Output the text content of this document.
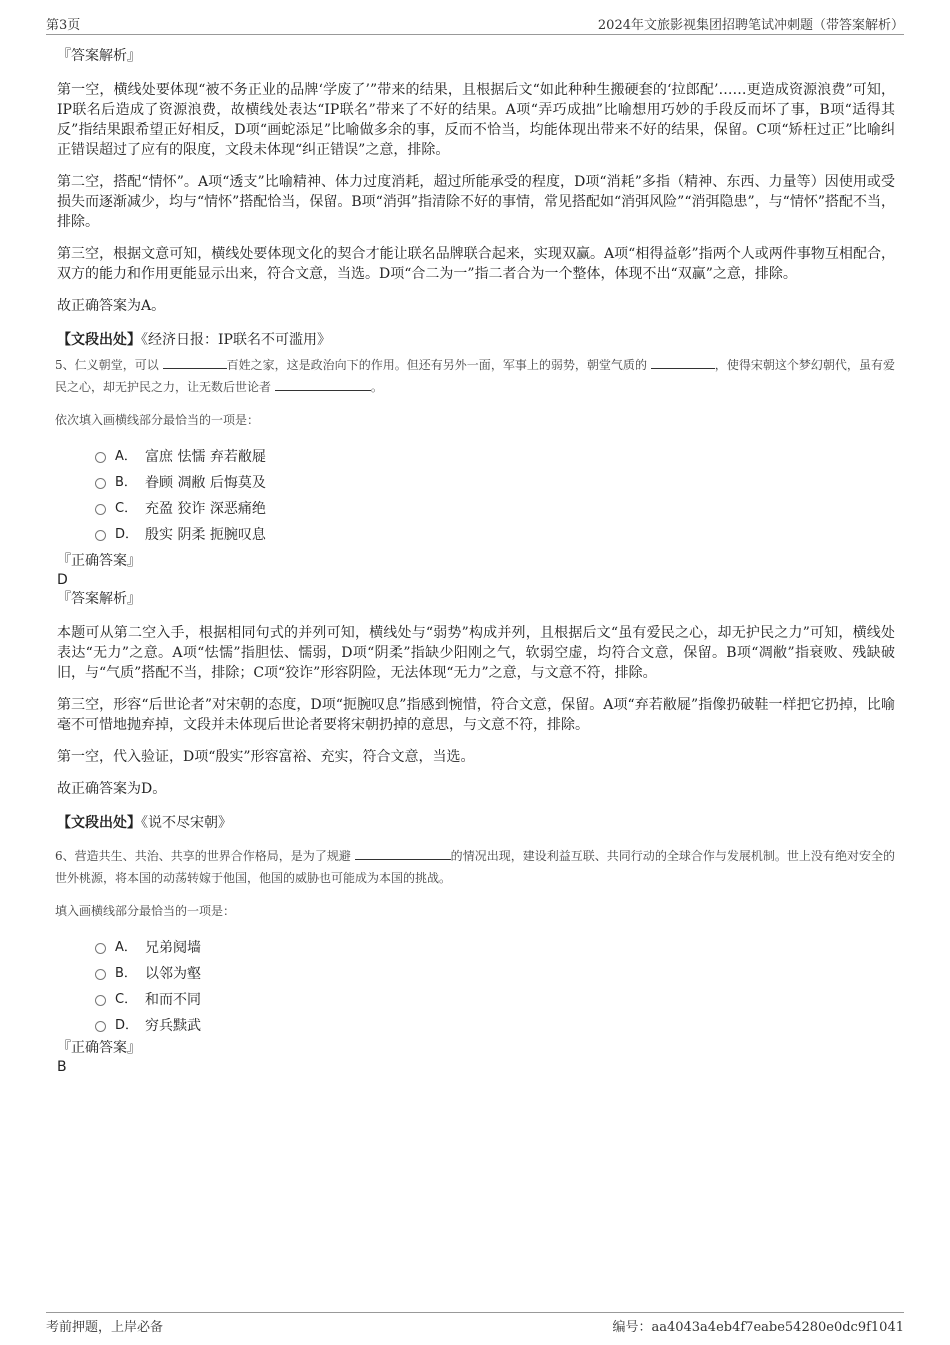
第3页	2024年文旅影视集团招聘笔试冲刺题（带答案解析）

『答案解析』

第一空，横线处要体现“被不务正业的品牌‘学废了’”带来的结果，且根据后文“如此种种生搬硬套的‘拉郎配’……更造成资源浪费”可知，IP联名后造成了资源浪费，故横线处表达“IP联名”带来了不好的结果。A项“弄巧成拙”比喻想用巧妙的手段反而坏了事，B项“适得其反”指结果跟希望正好相反，D项“画蛇添足”比喻做多余的事，反而不恰当，均能体现出带来不好的结果，保留。C项“矫枉过正”比喻纠正错误超过了应有的限度，文段未体现“纠正错误”之意，排除。

第二空，搭配“情怀”。A项“透支”比喻精神、体力过度消耗，超过所能承受的程度，D项“消耗”多指（精神、东西、力量等）因使用或受损失而逐渐减少，均与“情怀”搭配恰当，保留。B项“消弭”指清除不好的事情，常见搭配如“消弭风险”“消弭隐患”，与“情怀”搭配不当，排除。

第三空，根据文意可知，横线处要体现文化的契合才能让联名品牌联合起来，实现双赢。A项“相得益彰”指两个人或两件事物互相配合，双方的能力和作用更能显示出来，符合文意，当选。D项“合二为一”指二者合为一个整体，体现不出“双赢”之意，排除。

故正确答案为A。

【文段出处】《经济日报：IP联名不可滥用》

5、仁义朝堂，可以	百姓之家，这是政治向下的作用。但还有另外一面，军事上的弱势，朝堂气质的	，使得宋朝这个梦幻朝代，虽有爱民之心，却无护民之力，让无数后世论者	。

依次填入画横线部分最恰当的一项是：

A． 富庶 怯懦 弃若敝屣
B． 眷顾 凋敝 后悔莫及
C． 充盈 狡诈 深恶痛绝
D． 殷实 阴柔 扼腕叹息

『正确答案』

D

『答案解析』

本题可从第二空入手，根据相同句式的并列可知，横线处与“弱势”构成并列，且根据后文“虽有爱民之心，却无护民之力”可知，横线处表达“无力”之意。A项“怯懦”指胆怯、懦弱，D项“阴柔”指缺少阳刚之气，软弱空虚，均符合文意，保留。B项“凋敝”指衰败、残缺破旧，与“气质”搭配不当，排除；C项“狡诈”形容阴险，无法体现“无力”之意，与文意不符，排除。

第三空，形容“后世论者”对宋朝的态度，D项“扼腕叹息”指感到惋惜，符合文意，保留。A项“弃若敝屣”指像扔破鞋一样把它扔掉，比喻毫不可惜地抛弃掉，文段并未体现后世论者要将宋朝扔掉的意思，与文意不符，排除。

第一空，代入验证，D项“殷实”形容富裕、充实，符合文意，当选。

故正确答案为D。

【文段出处】《说不尽宋朝》

6、营造共生、共治、共享的世界合作格局，是为了规避	的情况出现，建设利益互联、共同行动的全球合作与发展机制。世上没有绝对安全的世外桃源，将本国的动荡转嫁于他国，他国的威胁也可能成为本国的挑战。

填入画横线部分最恰当的一项是：

A． 兄弟阋墙
B． 以邻为壑
C． 和而不同
D． 穷兵黩武

『正确答案』

B

考前押题，上岸必备	编号：aa4043a4eb4f7eabe54280e0dc9f1041
